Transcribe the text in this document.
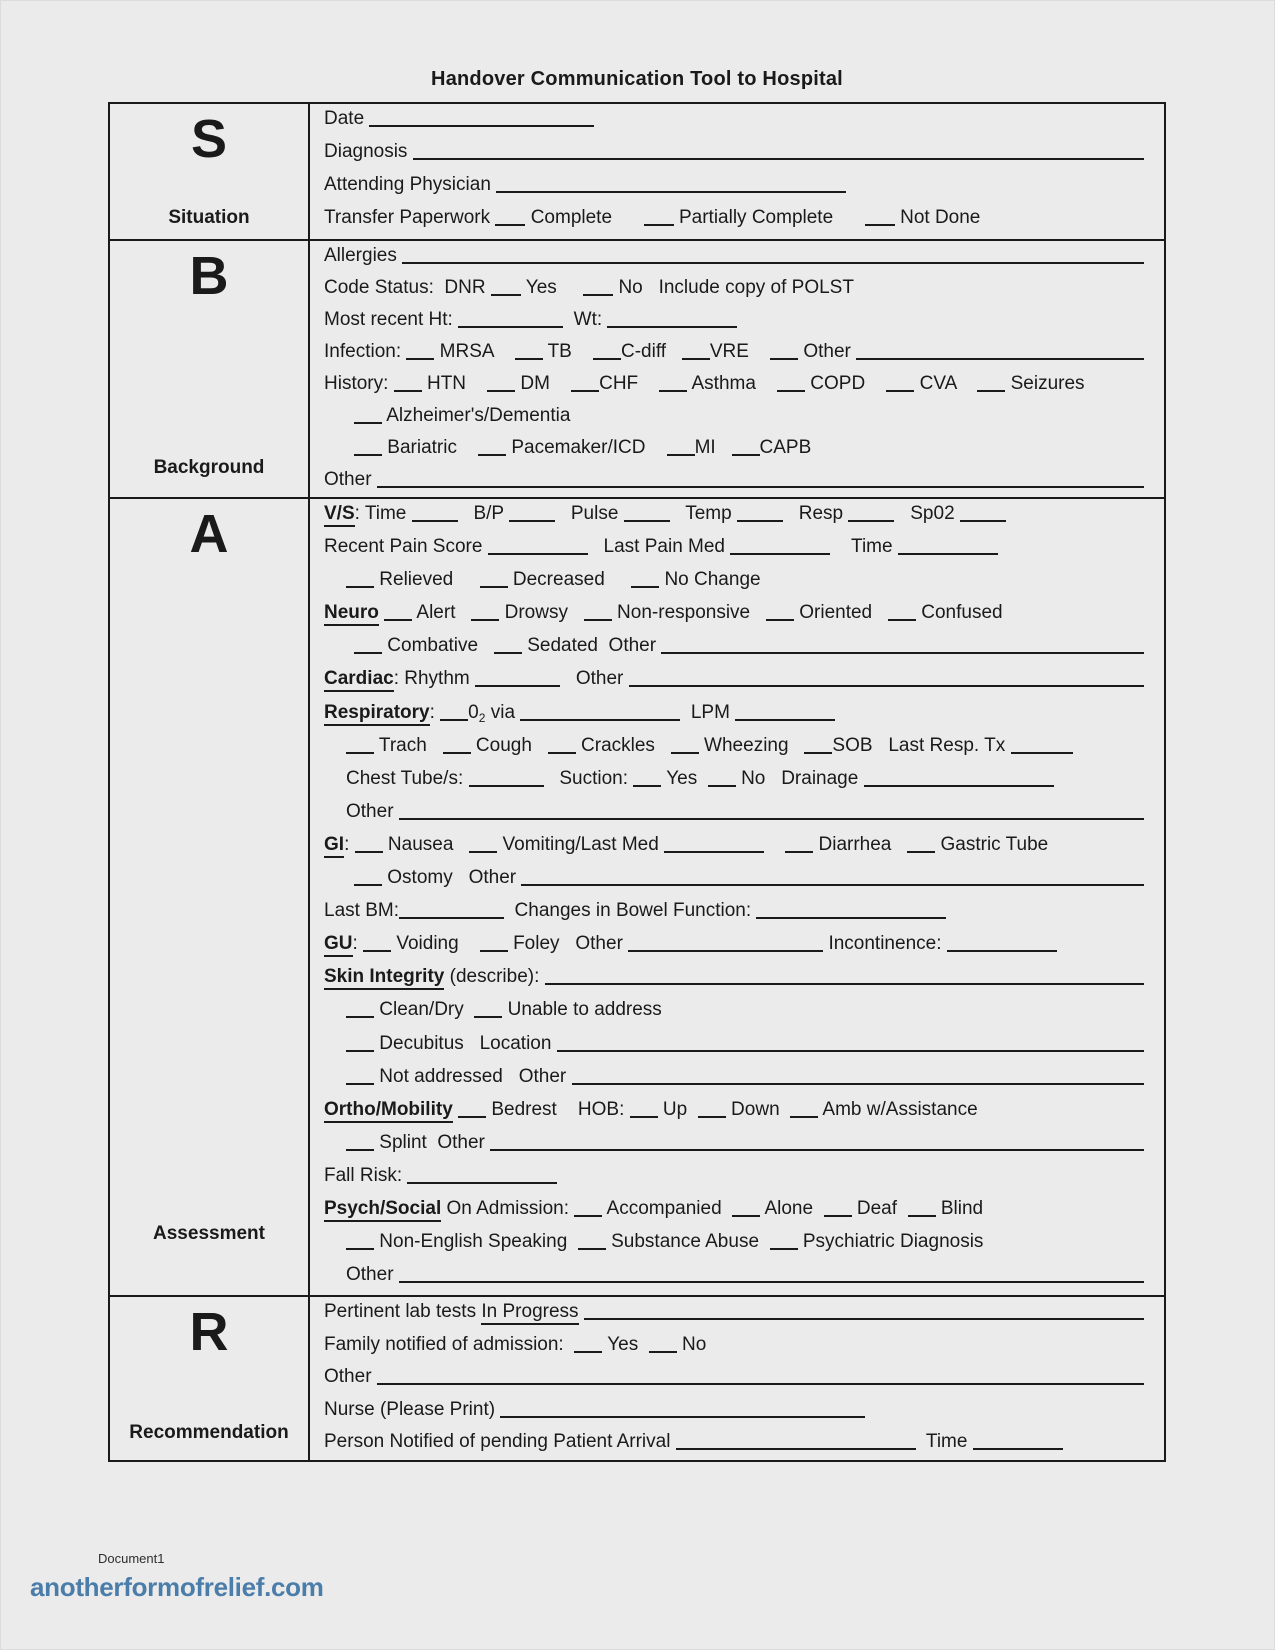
Handover Communication Tool to Hospital
S
Situation
Date
Diagnosis
Attending Physician
Transfer Paperwork Complete Partially Complete Not Done
B
Background
Allergies
Code Status:  DNR Yes No   Include copy of POLST
Most recent Ht:	Wt:
Infection: MRSA TB C-diff VRE Other
History: HTN DM CHF Asthma COPD CVA Seizures
Alzheimer's/Dementia
Bariatric Pacemaker/ICD MI CAPB
Other
A
Assessment
V/S : Time B/P Pulse Temp Resp Sp02
Recent Pain Score	Last Pain Med	Time
Relieved Decreased No Change
Neuro
Alert Drowsy Non-responsive Oriented Confused
Combative Sedated  Other
Cardiac : Rhythm	Other
Respiratory : 0 2 via	LPM
Trach Cough Crackles Wheezing SOB   Last Resp. Tx
Chest Tube/s:	Suction: Yes No   Drainage
Other
GI : Nausea Vomiting/Last Med
	Diarrhea Gastric Tube
Ostomy   Other
Last BM:	Changes in Bowel Function:
GU : Voiding Foley   Other	Incontinence:
Skin Integrity (describe):
Clean/Dry Unable to address
Decubitus   Location
Not addressed   Other
Ortho/Mobility
Bedrest    HOB: Up Down Amb w/Assistance
Splint  Other
Fall Risk:
Psych/Social On Admission: Accompanied Alone Deaf Blind
Non-English Speaking Substance Abuse Psychiatric Diagnosis
Other
R
Recommendation
Pertinent lab tests In Progress

Family notified of admission: Yes No
Other
Nurse (Please Print)
Person Notified of pending Patient Arrival	Time
Document1
anotherformofrelief.com
